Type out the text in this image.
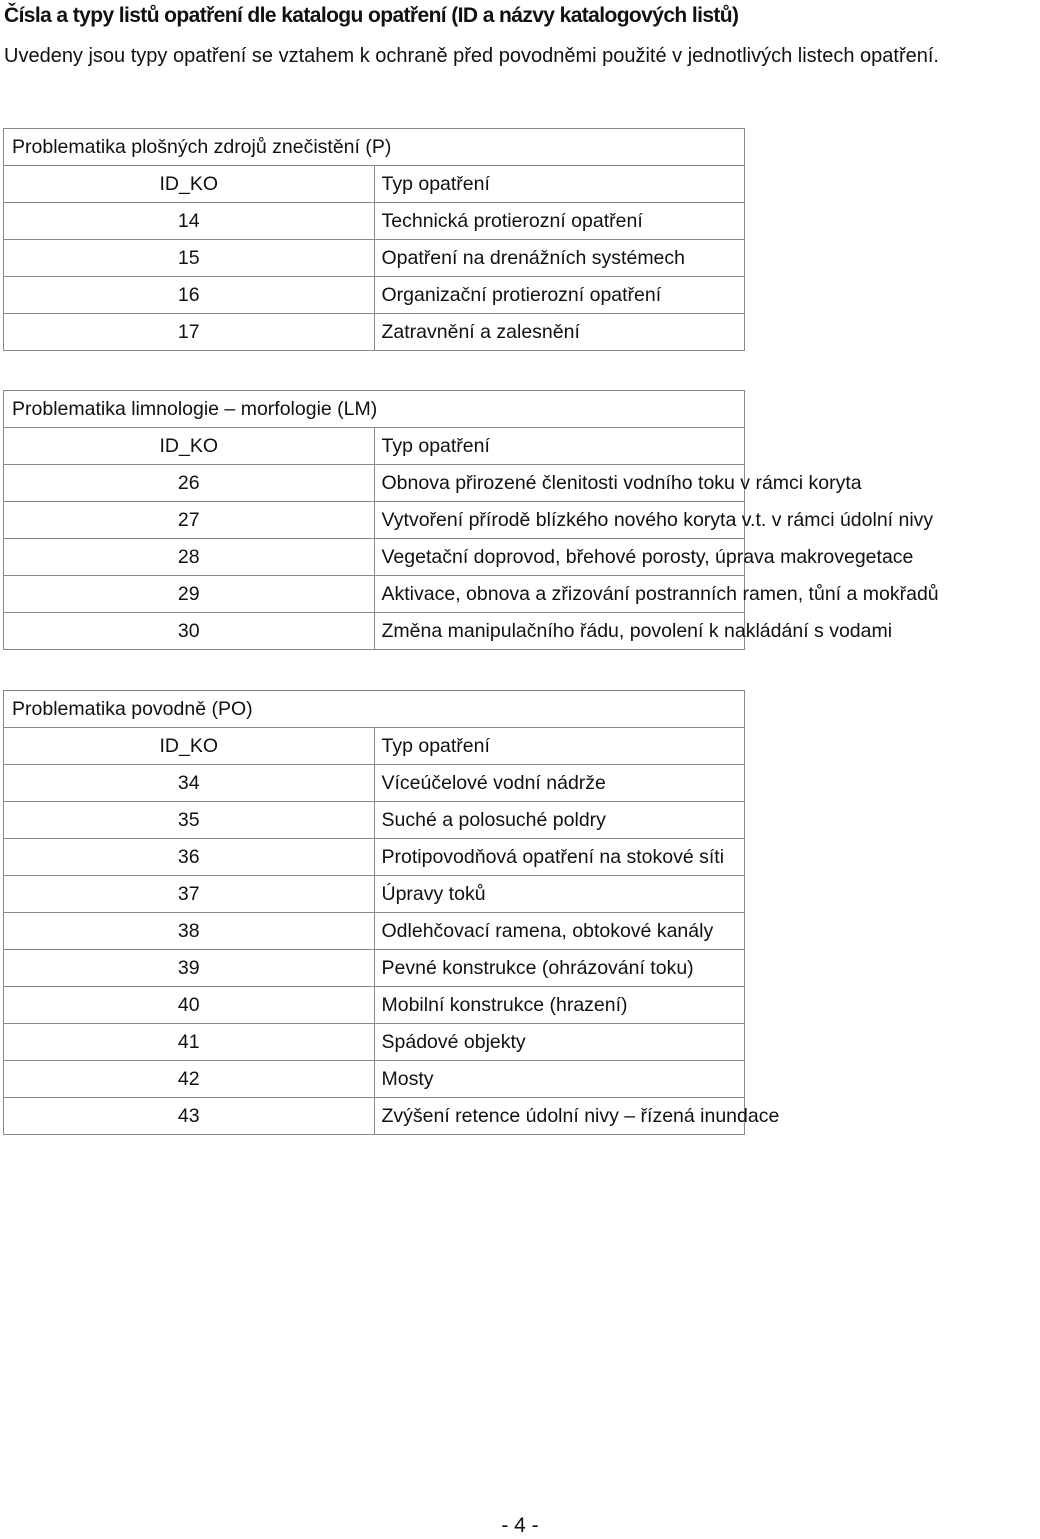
Čísla a typy listů opatření dle katalogu opatření (ID a názvy katalogových listů)
Uvedeny jsou typy opatření se vztahem k ochraně před povodněmi použité v jednotlivých listech opatření.
Problematika plošných zdrojů znečistění (P)	
ID_KO	Typ opatření
14	Technická protierozní opatření
15	Opatření na drenážních systémech
16	Organizační protierozní opatření
17	Zatravnění a zalesnění
Problematika limnologie – morfologie (LM)	
ID_KO	Typ opatření
26	Obnova přirozené členitosti vodního toku v rámci koryta
27	Vytvoření přírodě blízkého nového koryta v.t. v rámci údolní nivy
28	Vegetační doprovod, břehové porosty, úprava makrovegetace
29	Aktivace, obnova a zřizování postranních ramen, tůní a mokřadů
30	Změna manipulačního řádu, povolení k nakládání s vodami
Problematika povodně (PO)	
ID_KO	Typ opatření
34	Víceúčelové vodní nádrže
35	Suché a polosuché poldry
36	Protipovodňová opatření na stokové síti
37	Úpravy toků
38	Odlehčovací ramena, obtokové kanály
39	Pevné konstrukce (ohrázování toku)
40	Mobilní konstrukce (hrazení)
41	Spádové objekty
42	Mosty
43	Zvýšení retence údolní nivy – řízená inundace
- 4 -
